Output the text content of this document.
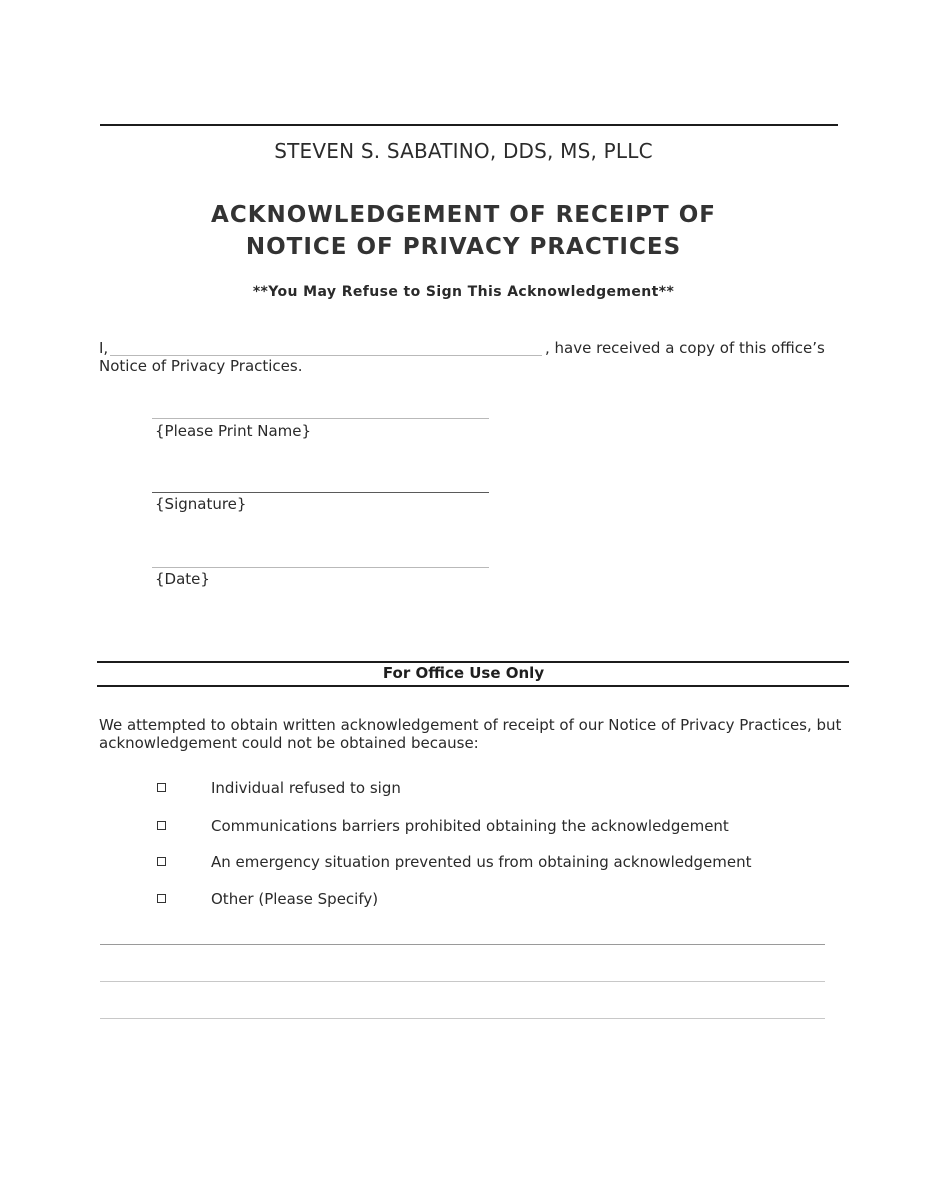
STEVEN S. SABATINO, DDS, MS, PLLC
ACKNOWLEDGEMENT OF RECEIPT OF
NOTICE OF PRIVACY PRACTICES
**You May Refuse to Sign This Acknowledgement**
I,	, have received a copy of this office’s
Notice of Privacy Practices.
{Please Print Name}
{Signature}
{Date}
For Office Use Only
We attempted to obtain written acknowledgement of receipt of our Notice of Privacy Practices, but
acknowledgement could not be obtained because:
Individual refused to sign
Communications barriers prohibited obtaining the acknowledgement
An emergency situation prevented us from obtaining acknowledgement
Other (Please Specify)
